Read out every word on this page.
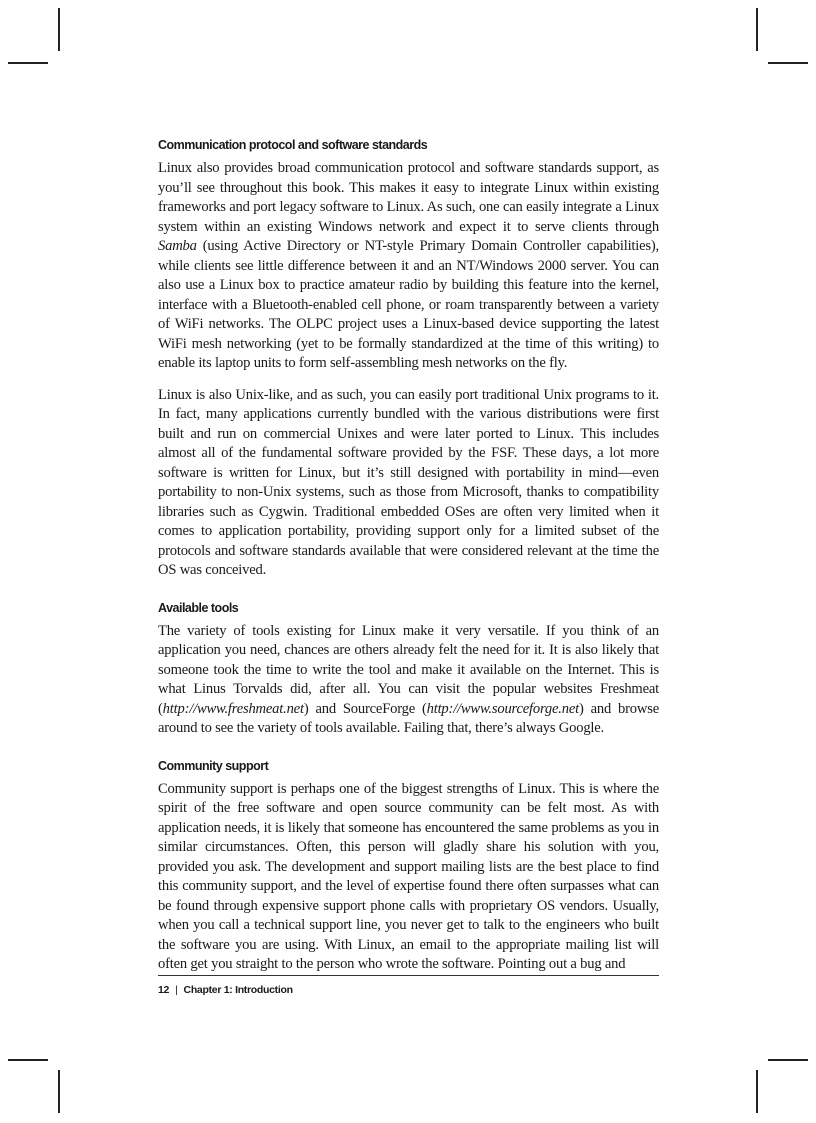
Communication protocol and software standards

Linux also provides broad communication protocol and software standards support, as you’ll see throughout this book. This makes it easy to integrate Linux within existing frameworks and port legacy software to Linux. As such, one can easily integrate a Linux system within an existing Windows network and expect it to serve clients through Samba (using Active Directory or NT-style Primary Domain Controller capabilities), while clients see little difference between it and an NT/Windows 2000 server. You can also use a Linux box to practice amateur radio by building this feature into the kernel, interface with a Bluetooth-enabled cell phone, or roam transparently between a variety of WiFi networks. The OLPC project uses a Linux-based device supporting the latest WiFi mesh networking (yet to be formally standardized at the time of this writing) to enable its laptop units to form self-assembling mesh networks on the fly.

Linux is also Unix-like, and as such, you can easily port traditional Unix programs to it. In fact, many applications currently bundled with the various distributions were first built and run on commercial Unixes and were later ported to Linux. This includes almost all of the fundamental software provided by the FSF. These days, a lot more software is written for Linux, but it’s still designed with portability in mind—even portability to non-Unix systems, such as those from Microsoft, thanks to compatibility libraries such as Cygwin. Traditional embedded OSes are often very limited when it comes to application portability, providing support only for a limited subset of the protocols and software standards available that were considered relevant at the time the OS was conceived.

Available tools

The variety of tools existing for Linux make it very versatile. If you think of an application you need, chances are others already felt the need for it. It is also likely that someone took the time to write the tool and make it available on the Internet. This is what Linus Torvalds did, after all. You can visit the popular websites Freshmeat (http://www.freshmeat.net) and SourceForge (http://www.sourceforge.net) and browse around to see the variety of tools available. Failing that, there’s always Google.

Community support

Community support is perhaps one of the biggest strengths of Linux. This is where the spirit of the free software and open source community can be felt most. As with application needs, it is likely that someone has encountered the same problems as you in similar circumstances. Often, this person will gladly share his solution with you, provided you ask. The development and support mailing lists are the best place to find this community support, and the level of expertise found there often surpasses what can be found through expensive support phone calls with proprietary OS vendors. Usually, when you call a technical support line, you never get to talk to the engineers who built the software you are using. With Linux, an email to the appropriate mailing list will often get you straight to the person who wrote the software. Pointing out a bug and

12 | Chapter 1: Introduction
